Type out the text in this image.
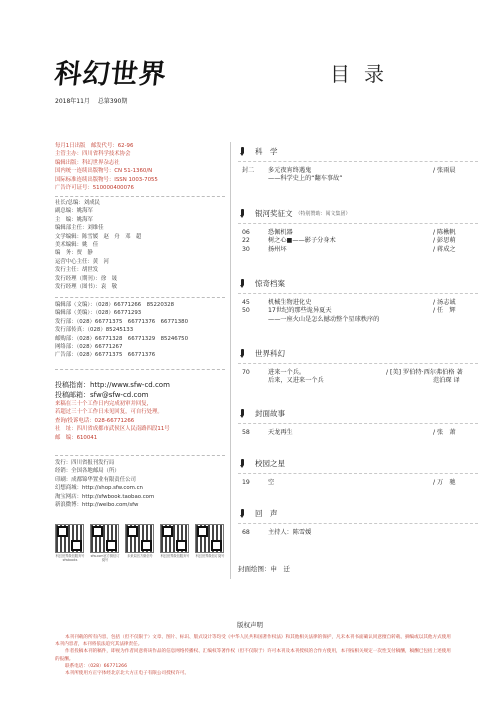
科幻世界	目录
2018年11月 总第390期
每月1日出版　邮发代号：62-96
主管主办：四川省科学技术协会
编辑出版：科幻世界杂志社
国内统一连续出版物号：CN 51-1360/N
国际标准连续出版物号：ISSN 1003-7055
广告许可证号：510000400076
社长/总编：刘成民
副总编：姚海军
主　编：姚海军
编辑部主任：刘维佳
文学编辑：陈雪媛　赵　舟　邓　超
美术编辑：姚　佳
编　务：贾　静
运营中心主任：黄　河
发行主任：胡世发
发行经理（期刊）：徐　晟
发行经理（图书）：袁　敬
编辑部（文编）：（028）66771266　85220328
编辑部（美编）：（028）66771293
发行部：（028）66771375　66771376　66771380
发行部传真：（028）85245133
邮购部：（028）66771328　66771329　85246750
网络部：（028）66771267
广告部：（028）66771375　66771376
投稿指南：http://www.sfw-cd.com
投稿邮箱：sfw@sfw-cd.com
来稿在三十个工作日内完成初审并回复，
若超过三十个工作日未见回复，可自行处理。
查询/投诉电话：028-66771266
社　址：四川省成都市武侯区人民南路四段11号
邮　编：610041
发行：四川省报刊发行局
经销：全国各地邮局（所）
印刷：成都锦华置业有限责任公司
幻想商城：http://shop.sfw.com.cn
淘宝网店：http://sfwbook.taobao.com
新浪微博：http://weibo.com/sfw
科幻世界微信服务号 sfwbooks
sfw.com官方微信订阅号
未来局官方微信号	科幻世界微信服务号 科幻世界微信订阅号
科　学
封二	多元夜宵终遇鬼	/ 张雨晨
——科学史上的“翻车事故”
银河奖征文 （特别赞助：阅文集团）
06	恐佩机器	/ 陈楸帆
22	树之心■——影子分身术	/ 彭思萌
30	扬州坏	/ 蒋成之
惊奇档案
45	机械生物进化史	/ 汤志诚
50	17世纪的那些诡异夏天	/ 任　辉
——一座火山是怎么撼动整个星球秩序的
世界科幻
70	进来一个兵。	/ [美] 罗伯特·西尔弗伯格 著
后来，又进来一个兵	范泊琛 译
封面故事
58	天龙再生	/ 张　萧
校园之星
19	空	/ 万　驰
回　声
68	主持人：陈雪媛
封面绘图：申　迁
版权声明

本刊刊载的所有内容，包括（但不仅限于）文章、图片、标识、版式设计等均受《中华人民共和国著作权法》和其他相关法律的保护，凡未本刊书面确认同意擅自转载、摘编或以其他方式使用本刊内容者，本刊将依法追究其法律责任。

作者投稿本刊的稿件，即视为作者同意将该作品的信息网络传播权、汇编权等著作权（但不仅限于）许可本刊及本刊授权的合作方使用，本刊按相关规定一次性支付稿酬，稿酬已包括上述使用的报酬。

联系电话：（028）66771266

本刊所使用方正字体经北京北大方正电子有限公司授权许可。
